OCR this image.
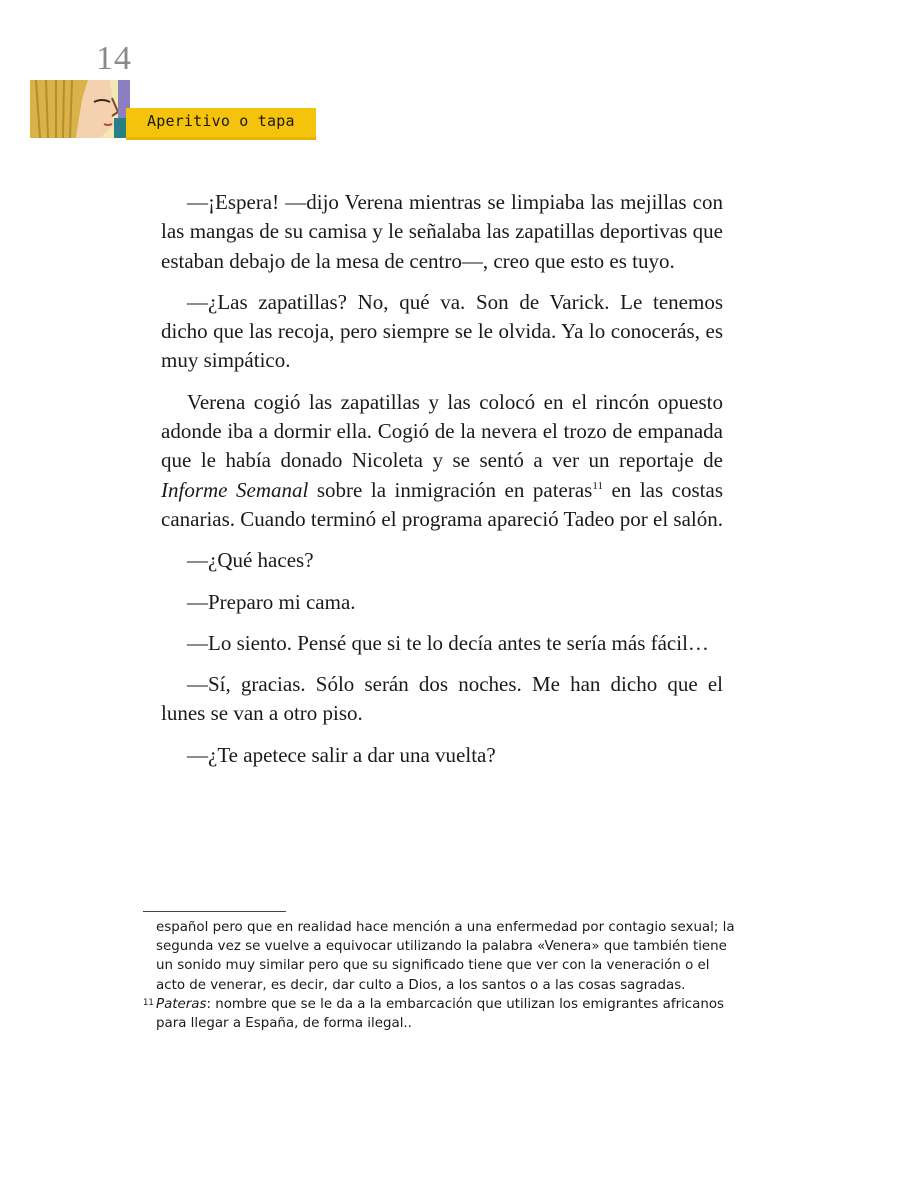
14
Aperitivo o tapa

—¡Espera! —dijo Verena mientras se limpiaba las mejillas con las mangas de su camisa y le señalaba las zapatillas deportivas que estaban debajo de la mesa de centro—, creo que esto es tuyo.

—¿Las zapatillas? No, qué va. Son de Varick. Le tenemos dicho que las recoja, pero siempre se le olvida. Ya lo conocerás, es muy simpático.

Verena cogió las zapatillas y las colocó en el rincón opuesto adonde iba a dormir ella. Cogió de la nevera el trozo de empanada que le había donado Nicoleta y se sentó a ver un reportaje de Informe Semanal sobre la inmigración en pateras$^{11}$ en las costas canarias. Cuando terminó el programa apareció Tadeo por el salón.

—¿Qué haces?

—Preparo mi cama.

—Lo siento. Pensé que si te lo decía antes te sería más fácil…

—Sí, gracias. Sólo serán dos noches. Me han dicho que el lunes se van a otro piso.

—¿Te apetece salir a dar una vuelta?

español pero que en realidad hace mención a una enfermedad por contagio sexual; la segunda vez se vuelve a equivocar utilizando la palabra «Venera» que también tiene un sonido muy similar pero que su significado tiene que ver con la veneración o el acto de venerar, es decir, dar culto a Dios, a los santos o a las cosas sagradas.

11 Pateras: nombre que se le da a la embarcación que utilizan los emigrantes africanos para llegar a España, de forma ilegal..
